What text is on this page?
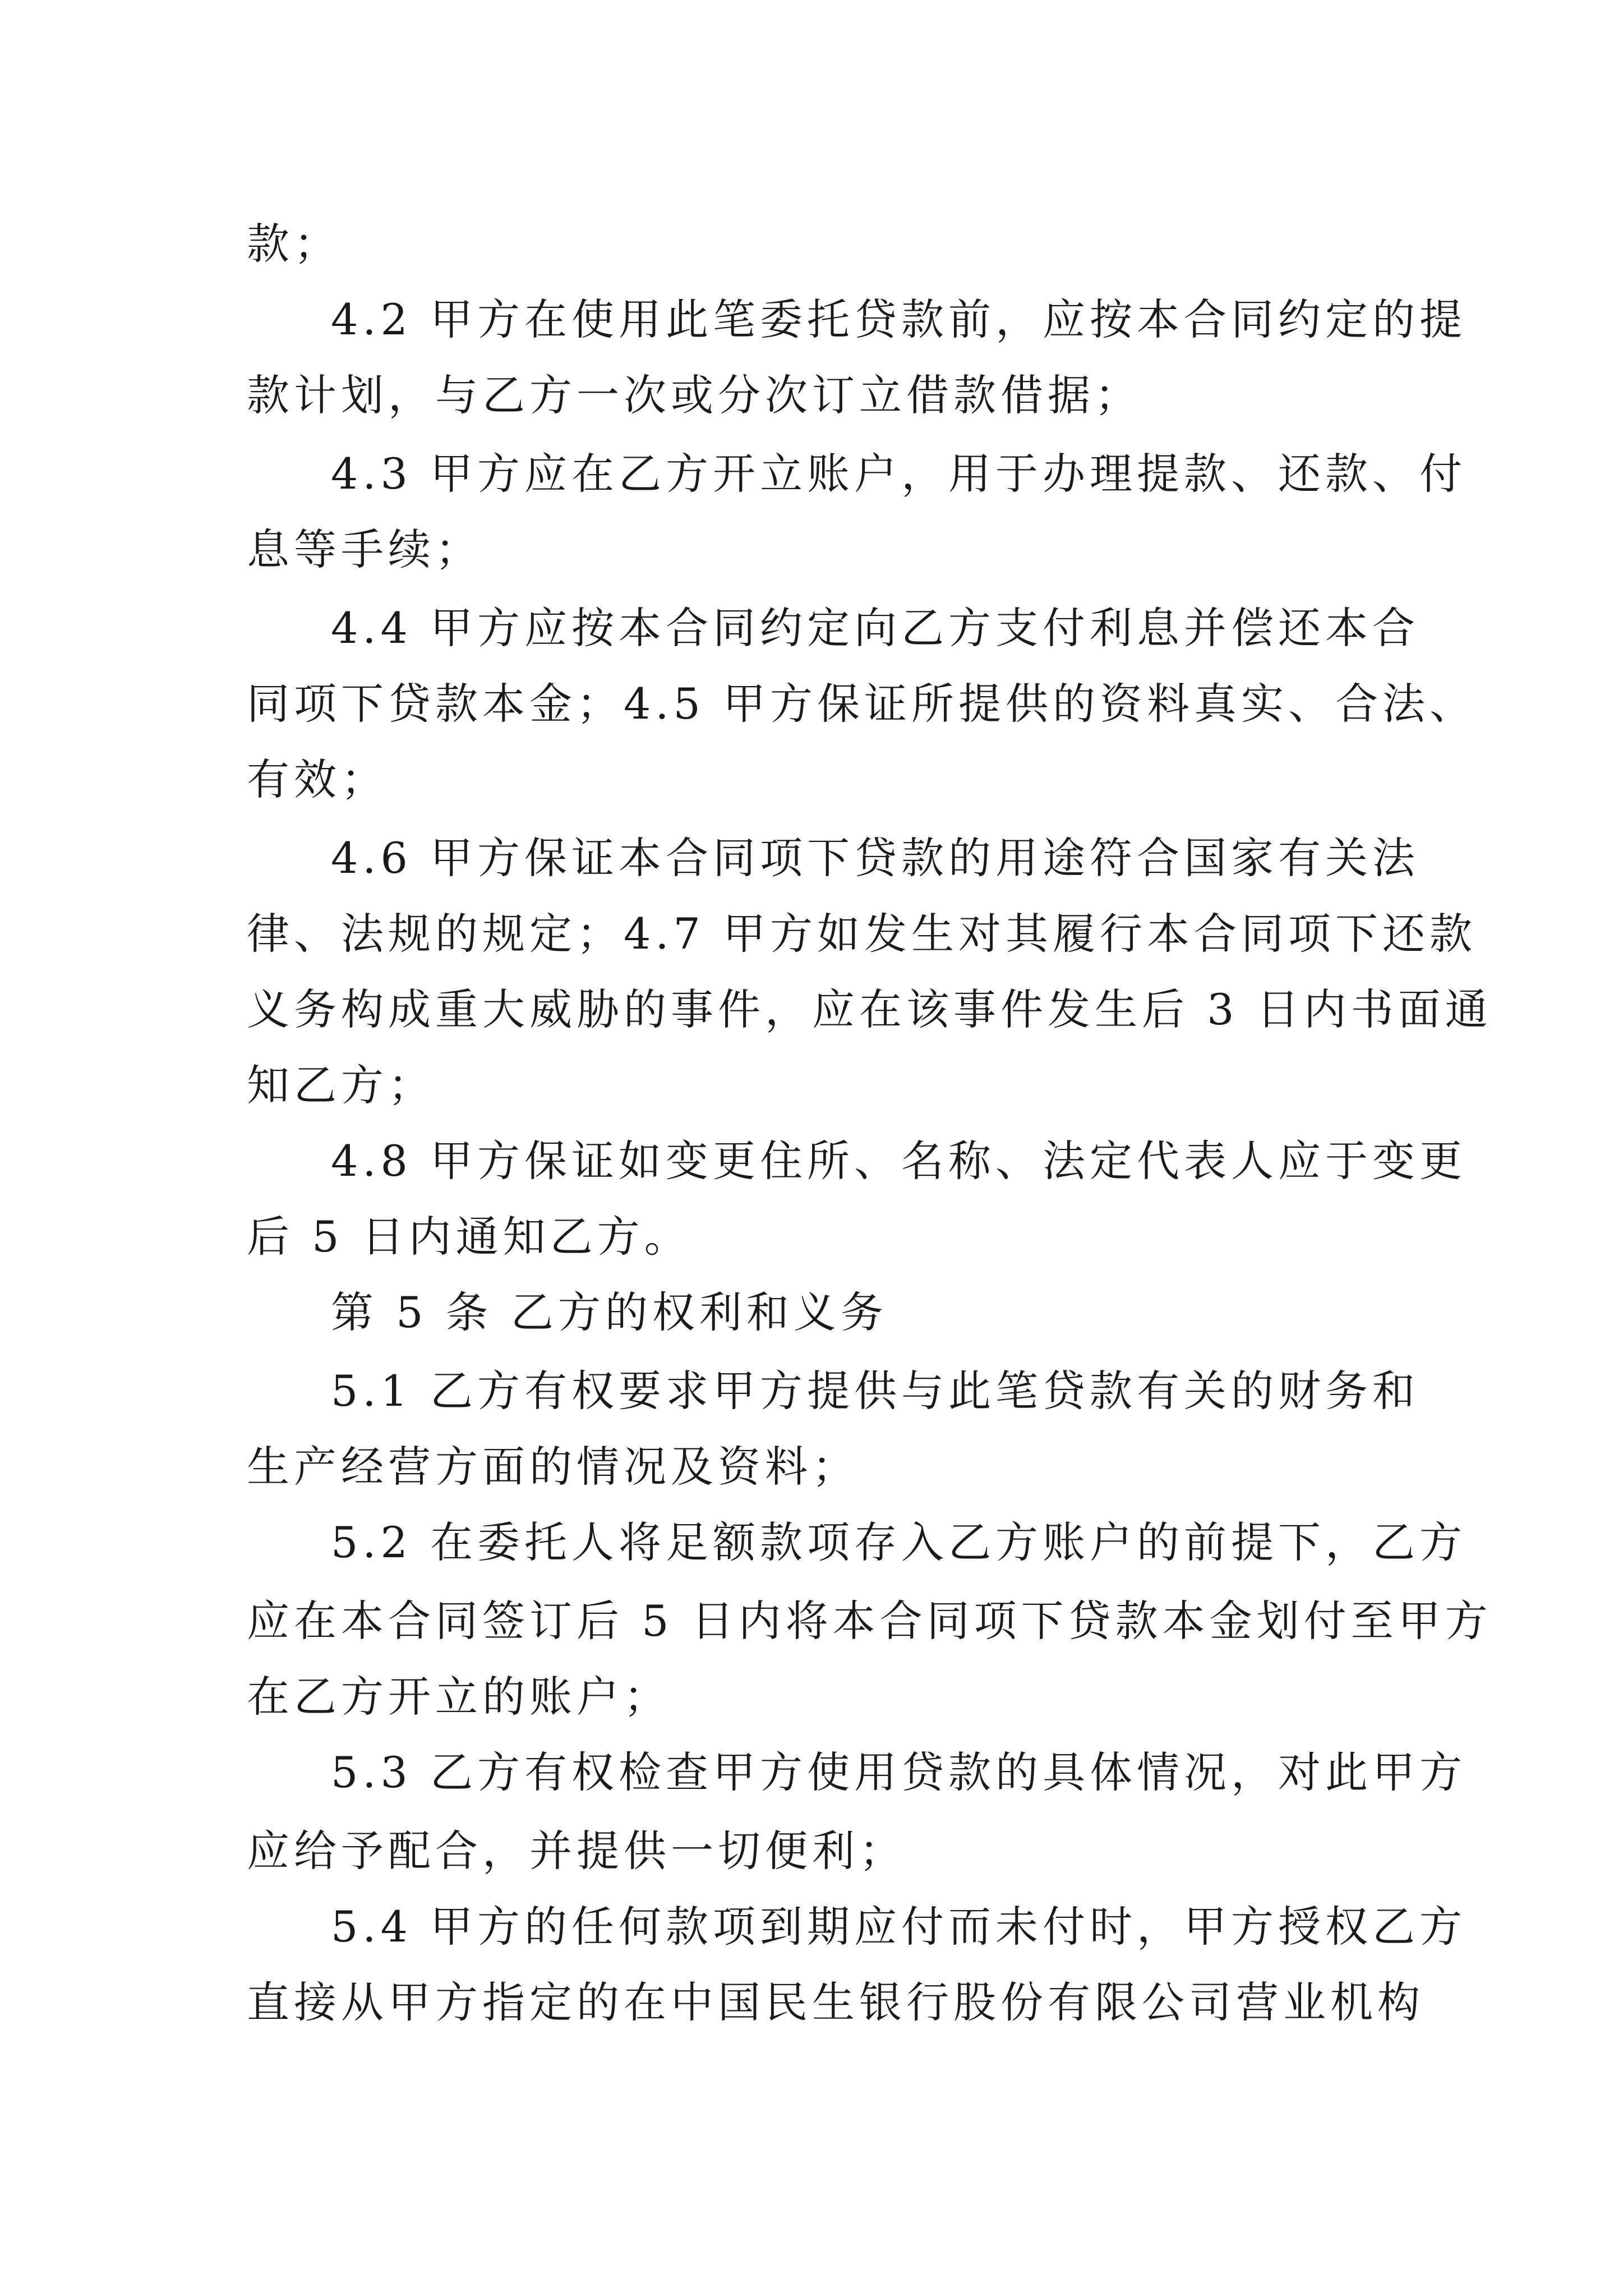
款；
4.2 甲方在使用此笔委托贷款前，应按本合同约定的提
款计划，与乙方一次或分次订立借款借据；
4.3 甲方应在乙方开立账户，用于办理提款、还款、付
息等手续；
4.4 甲方应按本合同约定向乙方支付利息并偿还本合
同项下贷款本金；4.5 甲方保证所提供的资料真实、合法、
有效；
4.6 甲方保证本合同项下贷款的用途符合国家有关法
律、法规的规定；4.7 甲方如发生对其履行本合同项下还款
义务构成重大威胁的事件，应在该事件发生后 3 日内书面通
知乙方；
4.8 甲方保证如变更住所、名称、法定代表人应于变更
后 5 日内通知乙方。
第 5 条 乙方的权利和义务
5.1 乙方有权要求甲方提供与此笔贷款有关的财务和
生产经营方面的情况及资料；
5.2 在委托人将足额款项存入乙方账户的前提下，乙方
应在本合同签订后 5 日内将本合同项下贷款本金划付至甲方
在乙方开立的账户；
5.3 乙方有权检查甲方使用贷款的具体情况，对此甲方
应给予配合，并提供一切便利；
5.4 甲方的任何款项到期应付而未付时，甲方授权乙方
直接从甲方指定的在中国民生银行股份有限公司营业机构
